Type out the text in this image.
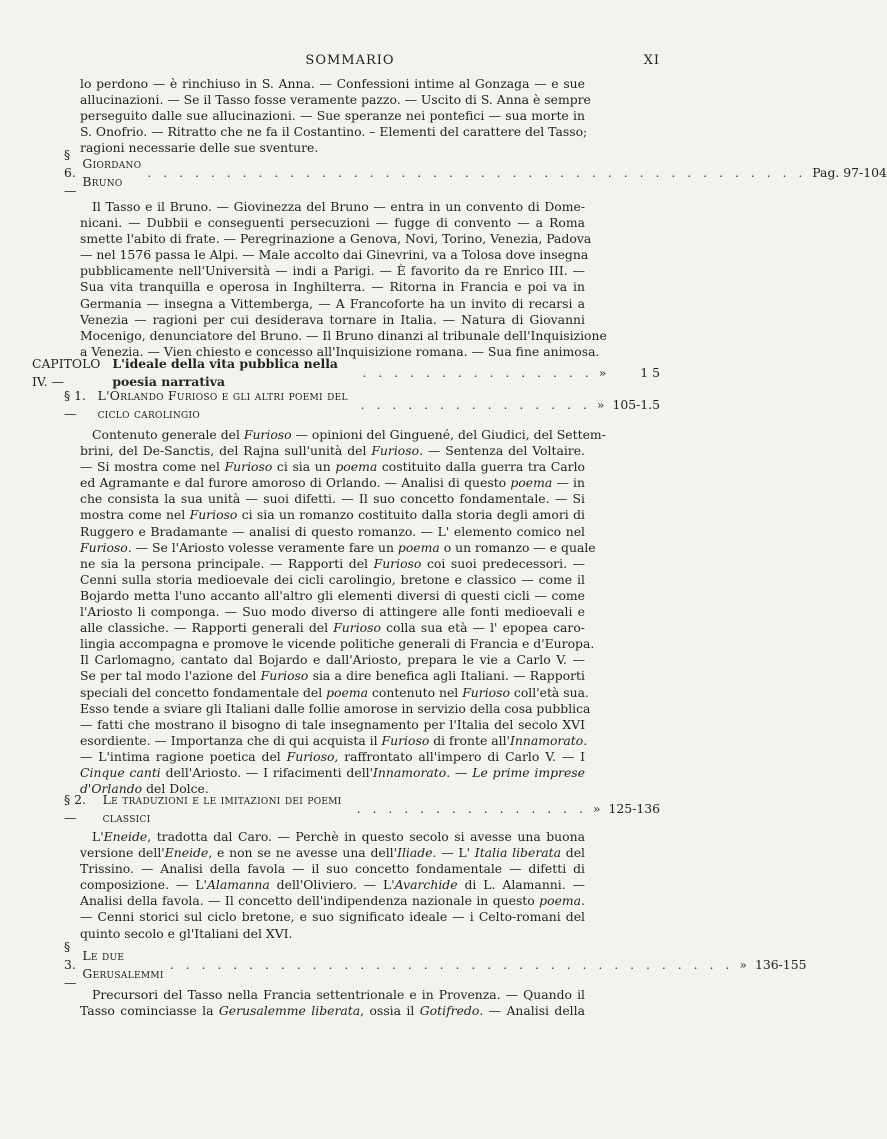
SOMMARIO	XI
lo perdono — è rinchiuso in S. Anna. — Confessioni intime al Gonzaga — e sue
allucinazioni. — Se il Tasso fosse veramente pazzo. — Uscito di S. Anna è sempre
perseguito dalle sue allucinazioni. — Sue speranze nei pontefici — sua morte in
S. Onofrio. — Ritratto che ne fa il Costantino. – Elementi del carattere del Tasso;
ragioni necessarie delle sue sventure.
§ 6. —
Giordano Bruno
. . . . . . . . . . . . . . . . . . . . . . . . . . . . . . . . . . . . . . . . . . Pag. 97-104
Il Tasso e il Bruno. — Giovinezza del Bruno — entra in un convento di Dome-
nicani. — Dubbii e conseguenti persecuzioni — fugge di convento — a Roma
smette l'abito di frate. — Peregrinazione a Genova, Novi, Torino, Venezia, Padova
— nel 1576 passa le Alpi. — Male accolto dai Ginevrini, va a Tolosa dove insegna
pubblicamente nell'Università — indi a Parigi. — È favorito da re Enrico III. —
Sua vita tranquilla e operosa in Inghilterra. — Ritorna in Francia e poi va in
Germania — insegna a Vittemberga, — A Francoforte ha un invito di recarsi a
Venezia — ragioni per cui desiderava tornare in Italia. — Natura di Giovanni
Mocenigo, denunciatore del Bruno. — Il Bruno dinanzi al tribunale dell'Inquisizione
a Venezia. — Vien chiesto e concesso all'Inquisizione romana. — Sua fine animosa.
CAPITOLO IV. —
L'ideale della vita pubblica nella poesia narrativa
. . . . . . . . . . . . . . . »	1 5
§ 1. —
L'Orlando Furioso e gli altri poemi del ciclo carolingio
. . . . . . . . . . . . . . . » 105-1.5
Contenuto generale del Furioso — opinioni del Ginguené, del Giudici, del Settem-
brini, del De-Sanctis, del Rajna sull'unità del Furioso. — Sentenza del Voltaire.
— Si mostra come nel Furioso ci sia un poema costituito dalla guerra tra Carlo
ed Agramante e dal furore amoroso di Orlando. — Analisi di questo poema — in
che consista la sua unità — suoi difetti. — Il suo concetto fondamentale. — Si
mostra come nel Furioso ci sia un romanzo costituito dalla storia degli amori di
Ruggero e Bradamante — analisi di questo romanzo. — L' elemento comico nel
Furioso. — Se l'Ariosto volesse veramente fare un poema o un romanzo — e quale
ne sia la persona principale. — Rapporti del Furioso coi suoi predecessori. —
Cenni sulla storia medioevale dei cicli carolingio, bretone e classico — come il
Bojardo metta l'uno accanto all'altro gli elementi diversi di questi cicli — come
l'Ariosto li componga. — Suo modo diverso di attingere alle fonti medioevali e
alle classiche. — Rapporti generali del Furioso colla sua età — l' epopea caro-
lingia accompagna e promove le vicende politiche generali di Francia e d'Europa.
Il Carlomagno, cantato dal Bojardo e dall'Ariosto, prepara le vie a Carlo V. —
Se per tal modo l'azione del Furioso sia a dire benefica agli Italiani. — Rapporti
speciali del concetto fondamentale del poema contenuto nel Furioso coll'età sua.
Esso tende a sviare gli Italiani dalle follie amorose in servizio della cosa pubblica
— fatti che mostrano il bisogno di tale insegnamento per l'Italia del secolo XVI
esordiente. — Importanza che di qui acquista il Furioso di fronte all'Innamorato.
— L'intima ragione poetica del Furioso, raffrontato all'impero di Carlo V. — I
Cinque canti dell'Ariosto. — I rifacimenti dell'Innamorato. — Le prime imprese
d'Orlando del Dolce.
§ 2. —
Le traduzioni e le imitazioni dei poemi classici
. . . . . . . . . . . . . . . » 125-136
L'Eneide, tradotta dal Caro. — Perchè in questo secolo si avesse una buona
versione dell'Eneide, e non se ne avesse una dell'Iliade. — L' Italia liberata del
Trissino. — Analisi della favola — il suo concetto fondamentale — difetti di
composizione. — L'Alamanna dell'Oliviero. — L'Avarchide di L. Alamanni. —
Analisi della favola. — Il concetto dell'indipendenza nazionale in questo poema.
— Cenni storici sul ciclo bretone, e suo significato ideale — i Celto-romani del
quinto secolo e gl'Italiani del XVI.
§ 3. —
Le due Gerusalemmi
. . . . . . . . . . . . . . . . . . . . . . . . . . . . . . . . . . . . » 136-155
Precursori del Tasso nella Francia settentrionale e in Provenza. — Quando il
Tasso cominciasse la Gerusalemme liberata, ossia il Gotifredo. — Analisi della
